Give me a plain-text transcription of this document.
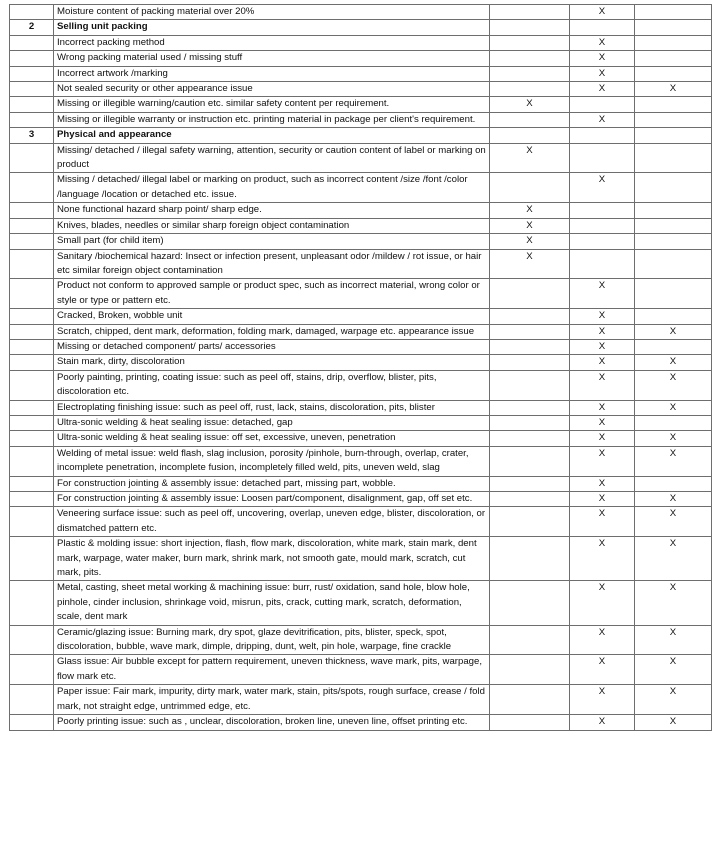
	Moisture content of packing material over 20%		X	
2	Selling unit packing			
	Incorrect packing method		X	
	Wrong packing material used / missing stuff		X	
	Incorrect artwork /marking		X	
	Not sealed security or other appearance issue		X	X
	Missing or illegible warning/caution etc. similar safety content per requirement.	X		
	Missing or illegible warranty or instruction etc. printing material in package per client's requirement.		X	
3	Physical and appearance			
	Missing/ detached / illegal safety warning, attention, security or caution content of label or marking on product	X		
	Missing / detached/ illegal label or marking on product, such as incorrect content /size /font /color /language /location or detached etc. issue.		X	
	None functional hazard sharp point/ sharp edge.	X		
	Knives, blades, needles or similar sharp foreign object contamination	X		
	Small part (for child item)	X		
	Sanitary /biochemical hazard: Insect or infection present, unpleasant odor /mildew / rot issue, or hair etc similar foreign object contamination	X		
	Product not conform to approved sample or product spec, such as incorrect material, wrong color or style or type or pattern etc.		X	
	Cracked, Broken, wobble unit		X	
	Scratch, chipped, dent mark, deformation, folding mark, damaged, warpage etc. appearance issue		X	X
	Missing or detached component/ parts/ accessories		X	
	Stain mark, dirty, discoloration		X	X
	Poorly painting, printing, coating issue: such as peel off, stains, drip, overflow, blister, pits, discoloration etc.		X	X
	Electroplating finishing issue: such as peel off, rust, lack, stains, discoloration, pits, blister		X	X
	Ultra-sonic welding & heat sealing issue: detached, gap		X	
	Ultra-sonic welding & heat sealing issue: off set, excessive, uneven, penetration		X	X
	Welding of metal issue: weld flash, slag inclusion, porosity /pinhole, burn-through, overlap, crater, incomplete penetration, incomplete fusion, incompletely filled weld, pits, uneven weld, slag		X	X
	For construction jointing & assembly issue: detached part, missing part, wobble.		X	
	For construction jointing & assembly issue: Loosen part/component, disalignment, gap, off set etc.		X	X
	Veneering surface issue: such as peel off, uncovering, overlap, uneven edge, blister, discoloration, or dismatched pattern etc.		X	X
	Plastic & molding issue: short injection, flash, flow mark, discoloration, white mark, stain mark, dent mark, warpage, water maker, burn mark, shrink mark, not smooth gate, mould mark, scratch, cut mark, pits.		X	X
	Metal, casting, sheet metal working & machining issue: burr, rust/ oxidation, sand hole, blow hole, pinhole, cinder inclusion, shrinkage void, misrun, pits, crack, cutting mark, scratch, deformation, scale, dent mark		X	X
	Ceramic/glazing issue: Burning mark, dry spot, glaze devitrification, pits, blister, speck, spot, discoloration, bubble, wave mark, dimple, dripping, dunt, welt, pin hole, warpage, fine crackle		X	X
	Glass issue: Air bubble except for pattern requirement, uneven thickness, wave mark, pits, warpage, flow mark etc.		X	X
	Paper issue: Fair mark, impurity, dirty mark, water mark, stain, pits/spots, rough surface, crease / fold mark, not straight edge, untrimmed edge, etc.		X	X
	Poorly printing issue: such as , unclear, discoloration, broken line, uneven line, offset printing etc.		X	X
